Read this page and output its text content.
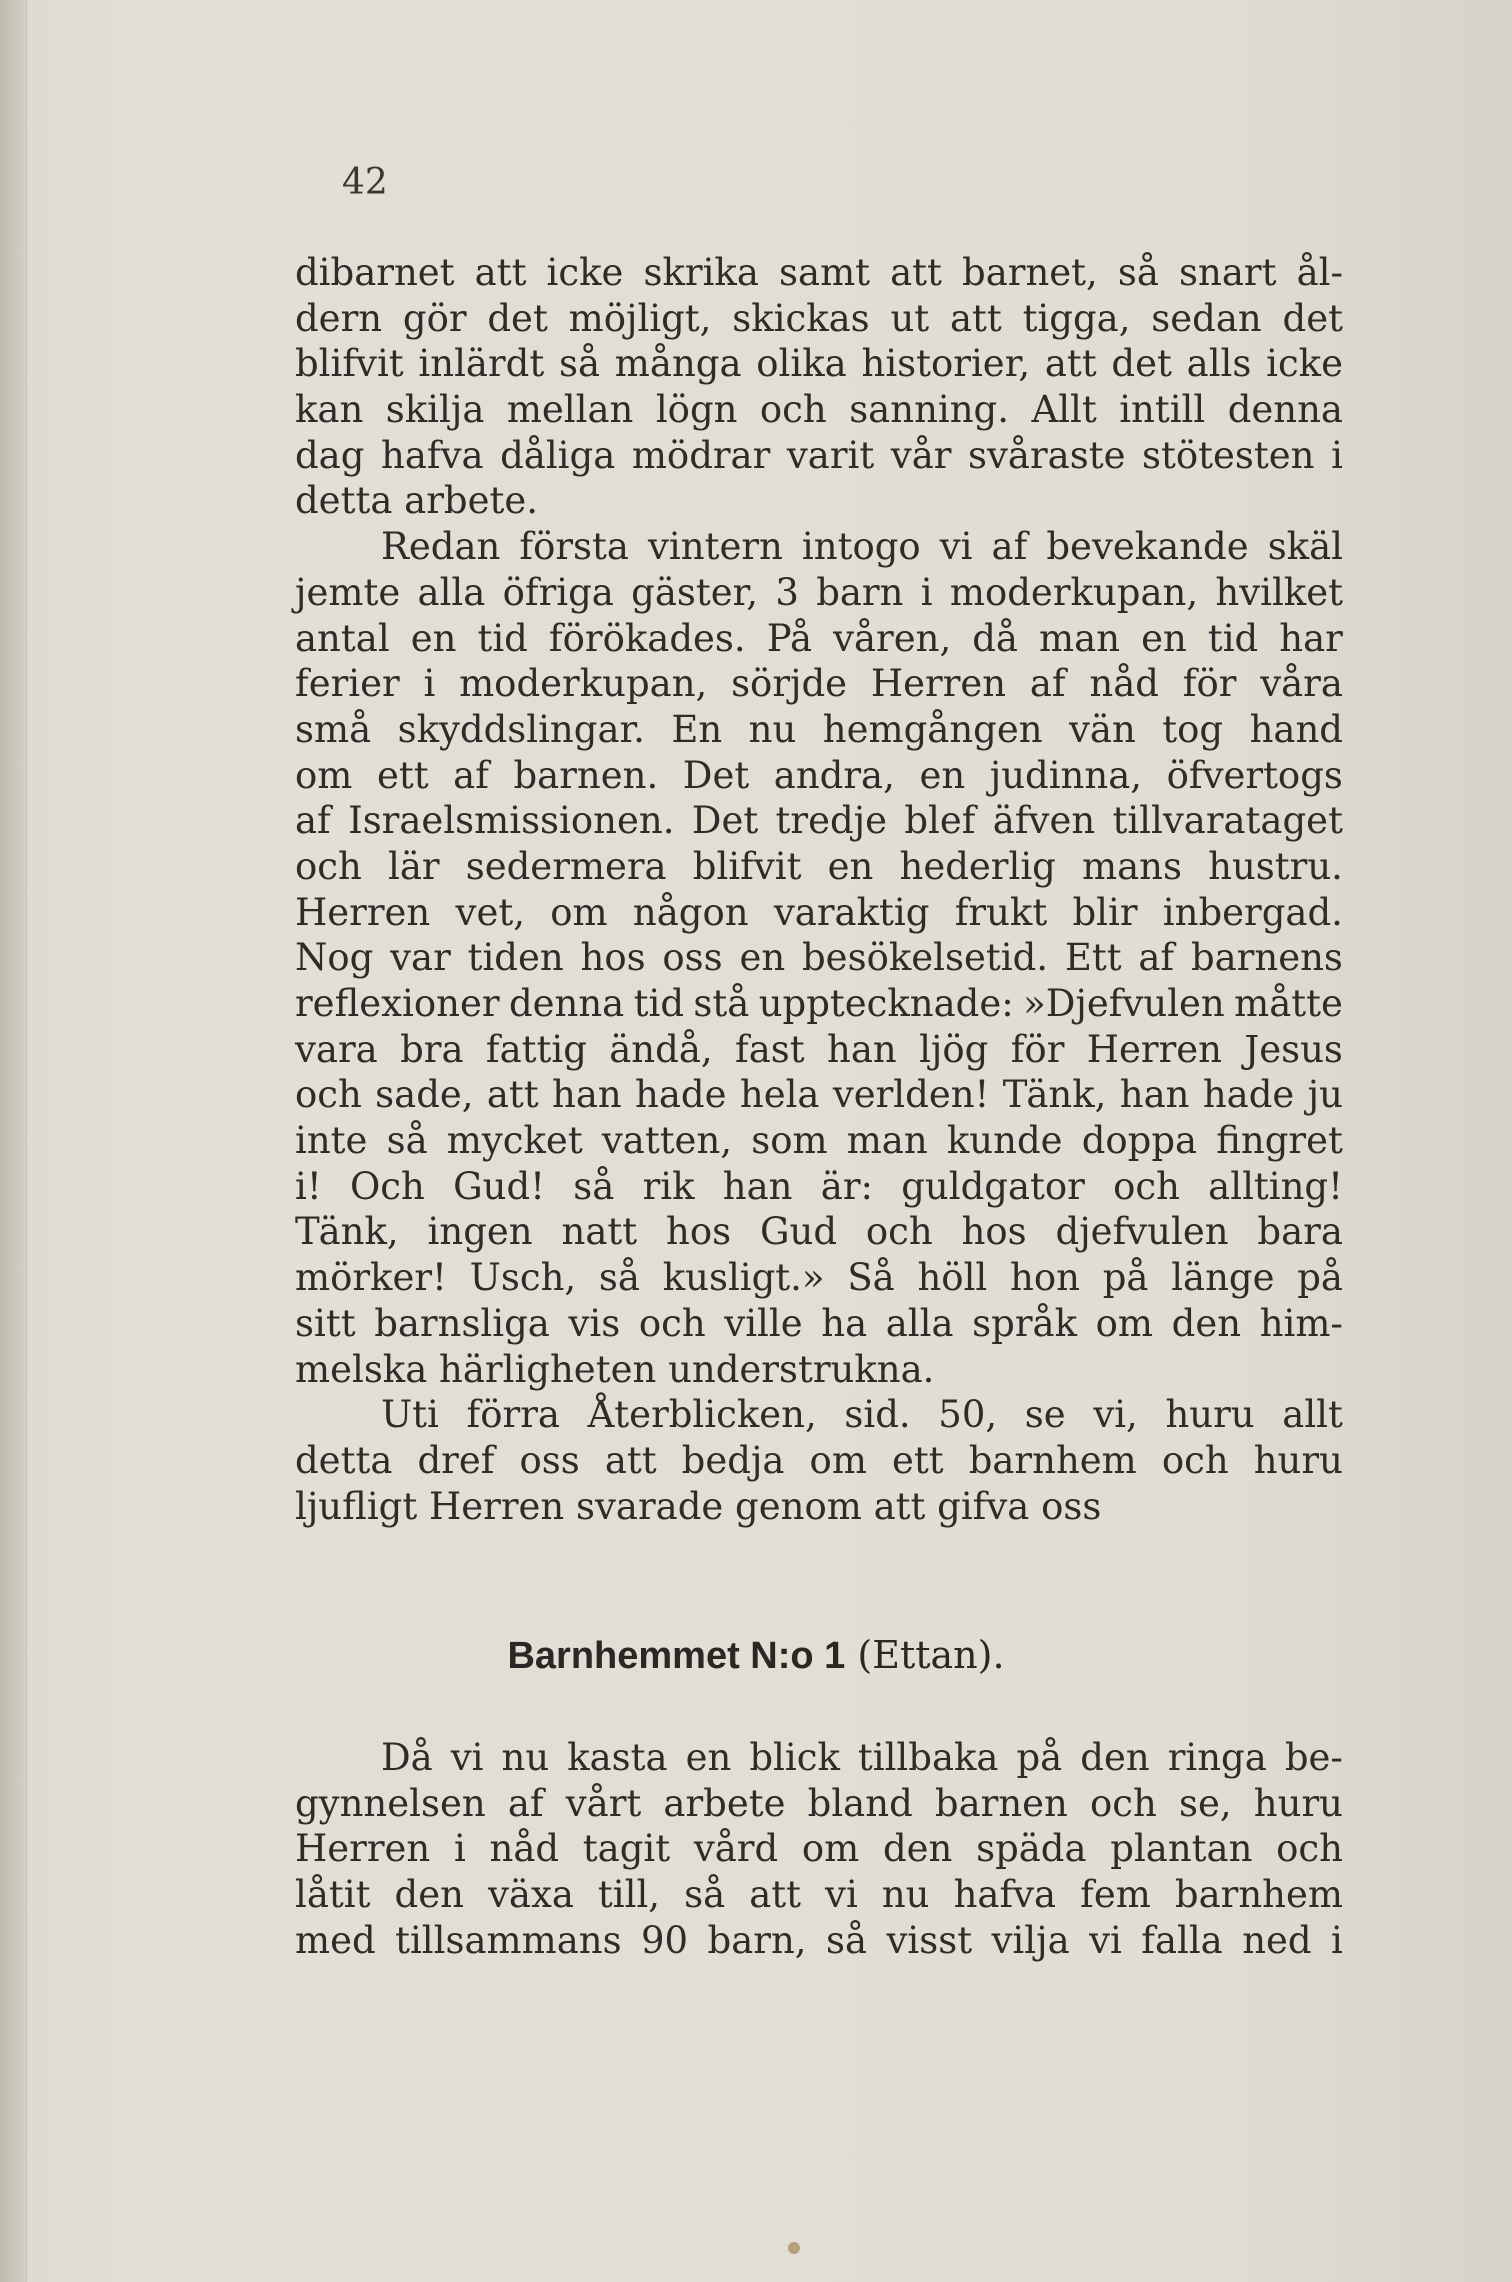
42
dibarnet att icke skrika samt att barnet, så snart ål-
dern gör det möjligt, skickas ut att tigga, sedan det
blifvit inlärdt så många olika historier, att det alls icke
kan skilja mellan lögn och sanning. Allt intill denna
dag hafva dåliga mödrar varit vår svåraste stötesten i
detta arbete.
Redan första vintern intogo vi af bevekande skäl
jemte alla öfriga gäster, 3 barn i moderkupan, hvilket
antal en tid förökades. På våren, då man en tid har
ferier i moderkupan, sörjde Herren af nåd för våra
små skyddslingar. En nu hemgången vän tog hand
om ett af barnen. Det andra, en judinna, öfvertogs
af Israelsmissionen. Det tredje blef äfven tillvarataget
och lär sedermera blifvit en hederlig mans hustru.
Herren vet, om någon varaktig frukt blir inbergad.
Nog var tiden hos oss en besökelsetid. Ett af barnens
reflexioner denna tid stå upptecknade: »Djefvulen måtte
vara bra fattig ändå, fast han ljög för Herren Jesus
och sade, att han hade hela verlden! Tänk, han hade ju
inte så mycket vatten, som man kunde doppa fingret
i! Och Gud! så rik han är: guldgator och allting!
Tänk, ingen natt hos Gud och hos djefvulen bara
mörker! Usch, så kusligt.» Så höll hon på länge på
sitt barnsliga vis och ville ha alla språk om den him-
melska härligheten understrukna.
Uti förra Återblicken, sid. 50, se vi, huru allt
detta dref oss att bedja om ett barnhem och huru
ljufligt Herren svarade genom att gifva oss
Barnhemmet N:o 1 (Ettan).
Då vi nu kasta en blick tillbaka på den ringa be-
gynnelsen af vårt arbete bland barnen och se, huru
Herren i nåd tagit vård om den späda plantan och
låtit den växa till, så att vi nu hafva fem barnhem
med tillsammans 90 barn, så visst vilja vi falla ned i
